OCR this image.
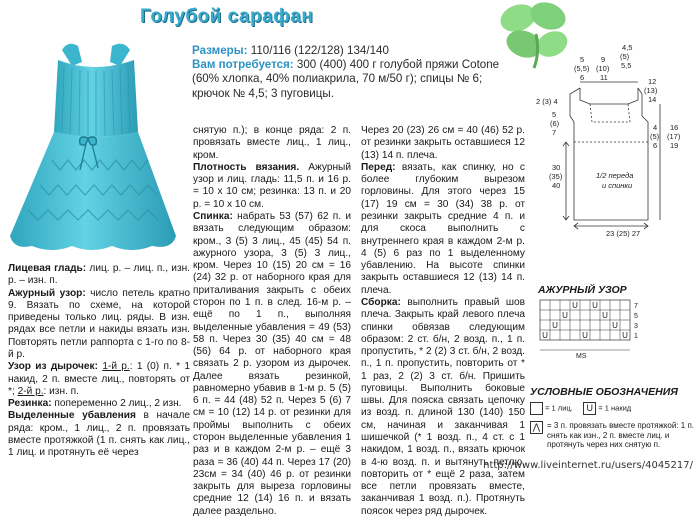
Голубой сарафан
Размеры: 110/116 (122/128) 134/140
Вам потребуется: 300 (400) 400 г голубой пряжи Cotone
(60% хлопка, 40% полиакрила, 70 м/50 г); спицы № 6;
крючок № 4,5; 3 пуговицы.

Лицевая гладь: лиц. р. – лиц. п., изн. р. – изн. п.

Ажурный узор: число петель кратно 9. Вязать по схеме, на которой приведены только лиц. ряды. В изн. рядах все петли и накиды вязать изн. Повторять петли раппорта с 1-го по 8-й р.

Узор из дырочек: 1-й р.: 1 (0) п. * 1 накид, 2 п. вместе лиц., повторять от *; 2-й р.: изн. п.

Резинка: попеременно 2 лиц., 2 изн.

Выделенные убавления в начале ряда: кром., 1 лиц., 2 п. провязать вместе протяжкой (1 п. снять как лиц., 1 лиц. и протянуть её через

снятую п.); в конце ряда: 2 п. провязать вместе лиц., 1 лиц., кром.

Плотность вязания. Ажурный узор и лиц. гладь: 11,5 п. и 16 р. = 10 x 10 см; резинка: 13 п. и 20 р. = 10 x 10 см.

Спинка: набрать 53 (57) 62 п. и вязать следующим образом: кром., 3 (5) 3 лиц., 45 (45) 54 п. ажурного узора, 3 (5) 3 лиц., кром. Через 10 (15) 20 см = 16 (24) 32 р. от наборного края для приталивания закрыть с обеих сторон по 1 п. в след. 16-м р. – ещё по 1 п., выполняя выделенные убавления = 49 (53) 58 п. Через 30 (35) 40 см = 48 (56) 64 р. от наборного края связать 2 р. узором из дырочек. Далее вязать резинкой, равномерно убавив в 1-м р. 5 (5) 6 п. = 44 (48) 52 п. Через 5 (6) 7 см = 10 (12) 14 р. от резинки для проймы выполнить с обеих сторон выделенные убавления 1 раз и в каждом 2-м р. – ещё 3 раза = 36 (40) 44 п. Через 17 (20) 23см = 34 (40) 46 р. от резинки закрыть для выреза горловины средние 12 (14) 16 п. и вязать далее раздельно.

Через 20 (23) 26 см = 40 (46) 52 р. от резинки закрыть оставшиеся 12 (13) 14 п. плеча.

Перед: вязать, как спинку, но с более глубоким вырезом горловины. Для этого через 15 (17) 19 см = 30 (34) 38 р. от резинки закрыть средние 4 п. и для скоса выполнить с внутреннего края в каждом 2-м р. 4 (5) 6 раз по 1 выделенному убавлению. На высоте спинки закрыть оставшиеся 12 (13) 14 п. плеча.

Сборка: выполнить правый шов плеча. Закрыть край левого плеча спинки обвязав следующим образом: 2 ст. б/н, 2 возд. п., 1 п. пропустить, * 2 (2) 3 ст. б/н, 2 возд. п., 1 п. пропустить, повторить от * 1 раз, 2 (2) 3 ст. б/н. Пришить пуговицы. Выполнить боковые швы. Для пояска связать цепочку из возд. п. длиной 130 (140) 150 см, начиная и заканчивая 1 шишечкой (* 1 возд. п., 4 ст. с 1 накидом, 1 возд. п., вязать крючок в 4-ю возд. п. и вытянуть петлю, повторить от * ещё 2 раза, затем все петли провязать вместе, заканчивая 1 возд. п.). Протянуть поясок через ряд дырочек.

4,5
(5)
5,5
5
(5,5)
6
9
(10)
11
2 (3) 4
12
(13)
14
5
(6)
7
4
(5)
6
16
(17)
19
30
(35)
40
1/2 переда
и спинки
23 (25) 27
АЖУРНЫЙ УЗОР
U U
U	U
U	U
U	U	U
7
5
3
1
MS
УСЛОВНЫЕ ОБОЗНАЧЕНИЯ
= 1 лиц. U = 1 накид
⋀ = 3 п. провязать вместе протяжкой: 1 п. снять как изн., 2 п. вместе лиц. и протянуть через них снятую п.
http://www.liveinternet.ru/users/4045217/
